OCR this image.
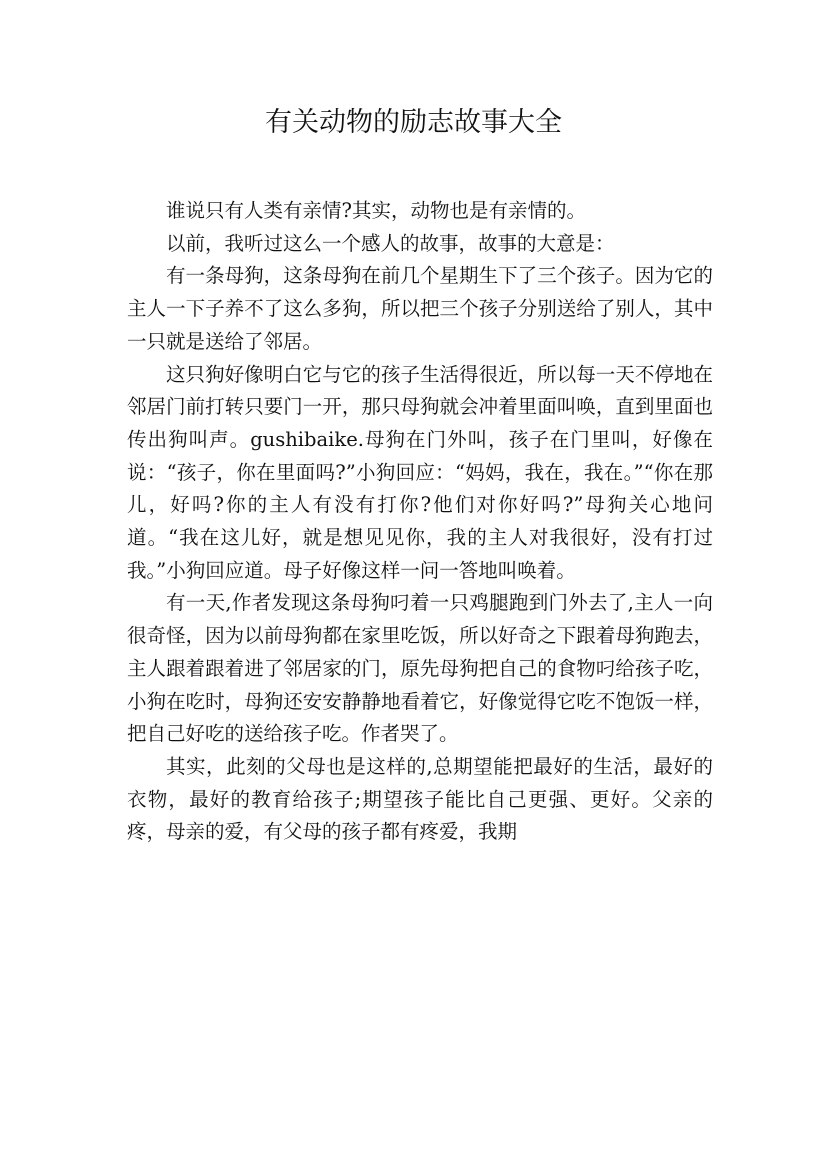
有关动物的励志故事大全

谁说只有人类有亲情?其实，动物也是有亲情的。

以前，我听过这么一个感人的故事，故事的大意是：

有一条母狗，这条母狗在前几个星期生下了三个孩子。因为它的主人一下子养不了这么多狗，所以把三个孩子分别送给了别人，其中一只就是送给了邻居。

这只狗好像明白它与它的孩子生活得很近，所以每一天不停地在邻居门前打转只要门一开，那只母狗就会冲着里面叫唤，直到里面也传出狗叫声。gushibaike.母狗在门外叫，孩子在门里叫，好像在说：“孩子，你在里面吗?”小狗回应：“妈妈，我在，我在。”“你在那儿，好吗?你的主人有没有打你?他们对你好吗?”母狗关心地问道。“我在这儿好，就是想见见你，我的主人对我很好，没有打过我。”小狗回应道。母子好像这样一问一答地叫唤着。

有一天,作者发现这条母狗叼着一只鸡腿跑到门外去了,主人一向很奇怪，因为以前母狗都在家里吃饭，所以好奇之下跟着母狗跑去，主人跟着跟着进了邻居家的门，原先母狗把自己的食物叼给孩子吃，小狗在吃时，母狗还安安静静地看着它，好像觉得它吃不饱饭一样，把自己好吃的送给孩子吃。作者哭了。

其实，此刻的父母也是这样的,总期望能把最好的生活，最好的衣物，最好的教育给孩子;期望孩子能比自己更强、更好。父亲的疼，母亲的爱，有父母的孩子都有疼爱，我期
